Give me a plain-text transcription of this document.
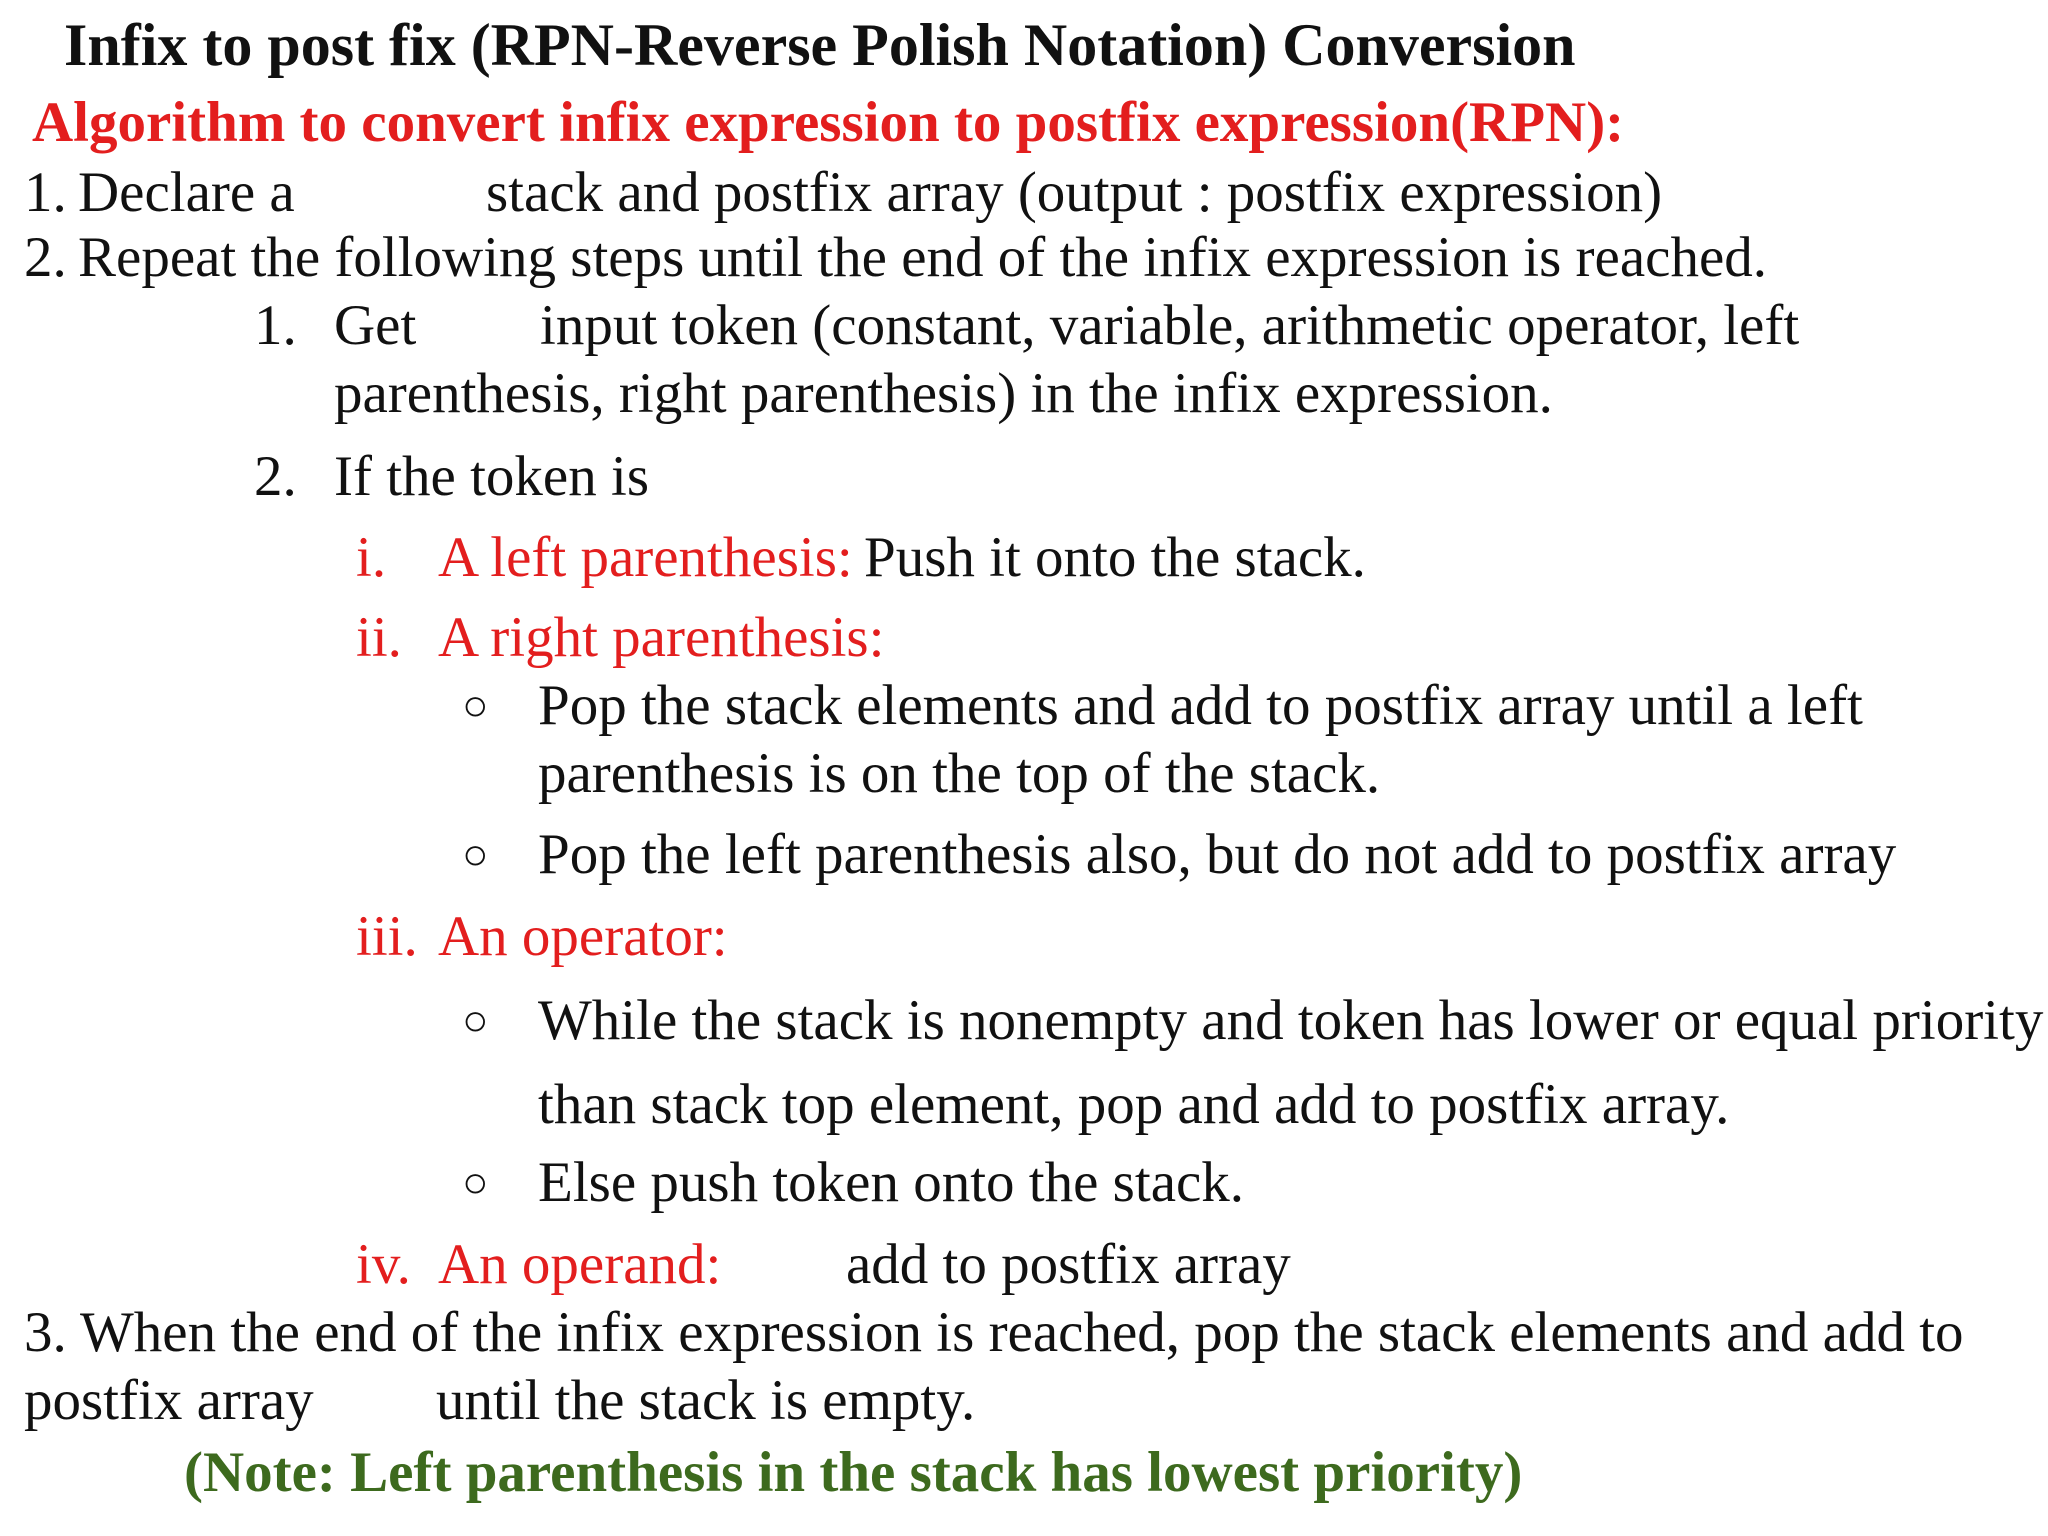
Infix to post fix (RPN-Reverse Polish Notation) Conversion
Algorithm to convert infix expression to postfix expression(RPN):
1. Declare a	stack and postfix array (output : postfix expression)
2. Repeat the following steps until the end of the infix expression is reached.
1. Get input token (constant, variable, arithmetic operator, left
parenthesis, right parenthesis) in the infix expression.
2. If the token is
i. A left parenthesis: Push it onto the stack.
ii. A right parenthesis:
○ Pop the stack elements and add to postfix array until a left
parenthesis is on the top of the stack.
○ Pop the left parenthesis also, but do not add to postfix array
iii. An operator:
○ While the stack is nonempty and token has lower or equal priority
than stack top element, pop and add to postfix array.
○ Else push token onto the stack.
iv. An operand: add to postfix array
3. When the end of the infix expression is reached, pop the stack elements and add to
postfix array until the stack is empty.
(Note: Left parenthesis in the stack has lowest priority)
